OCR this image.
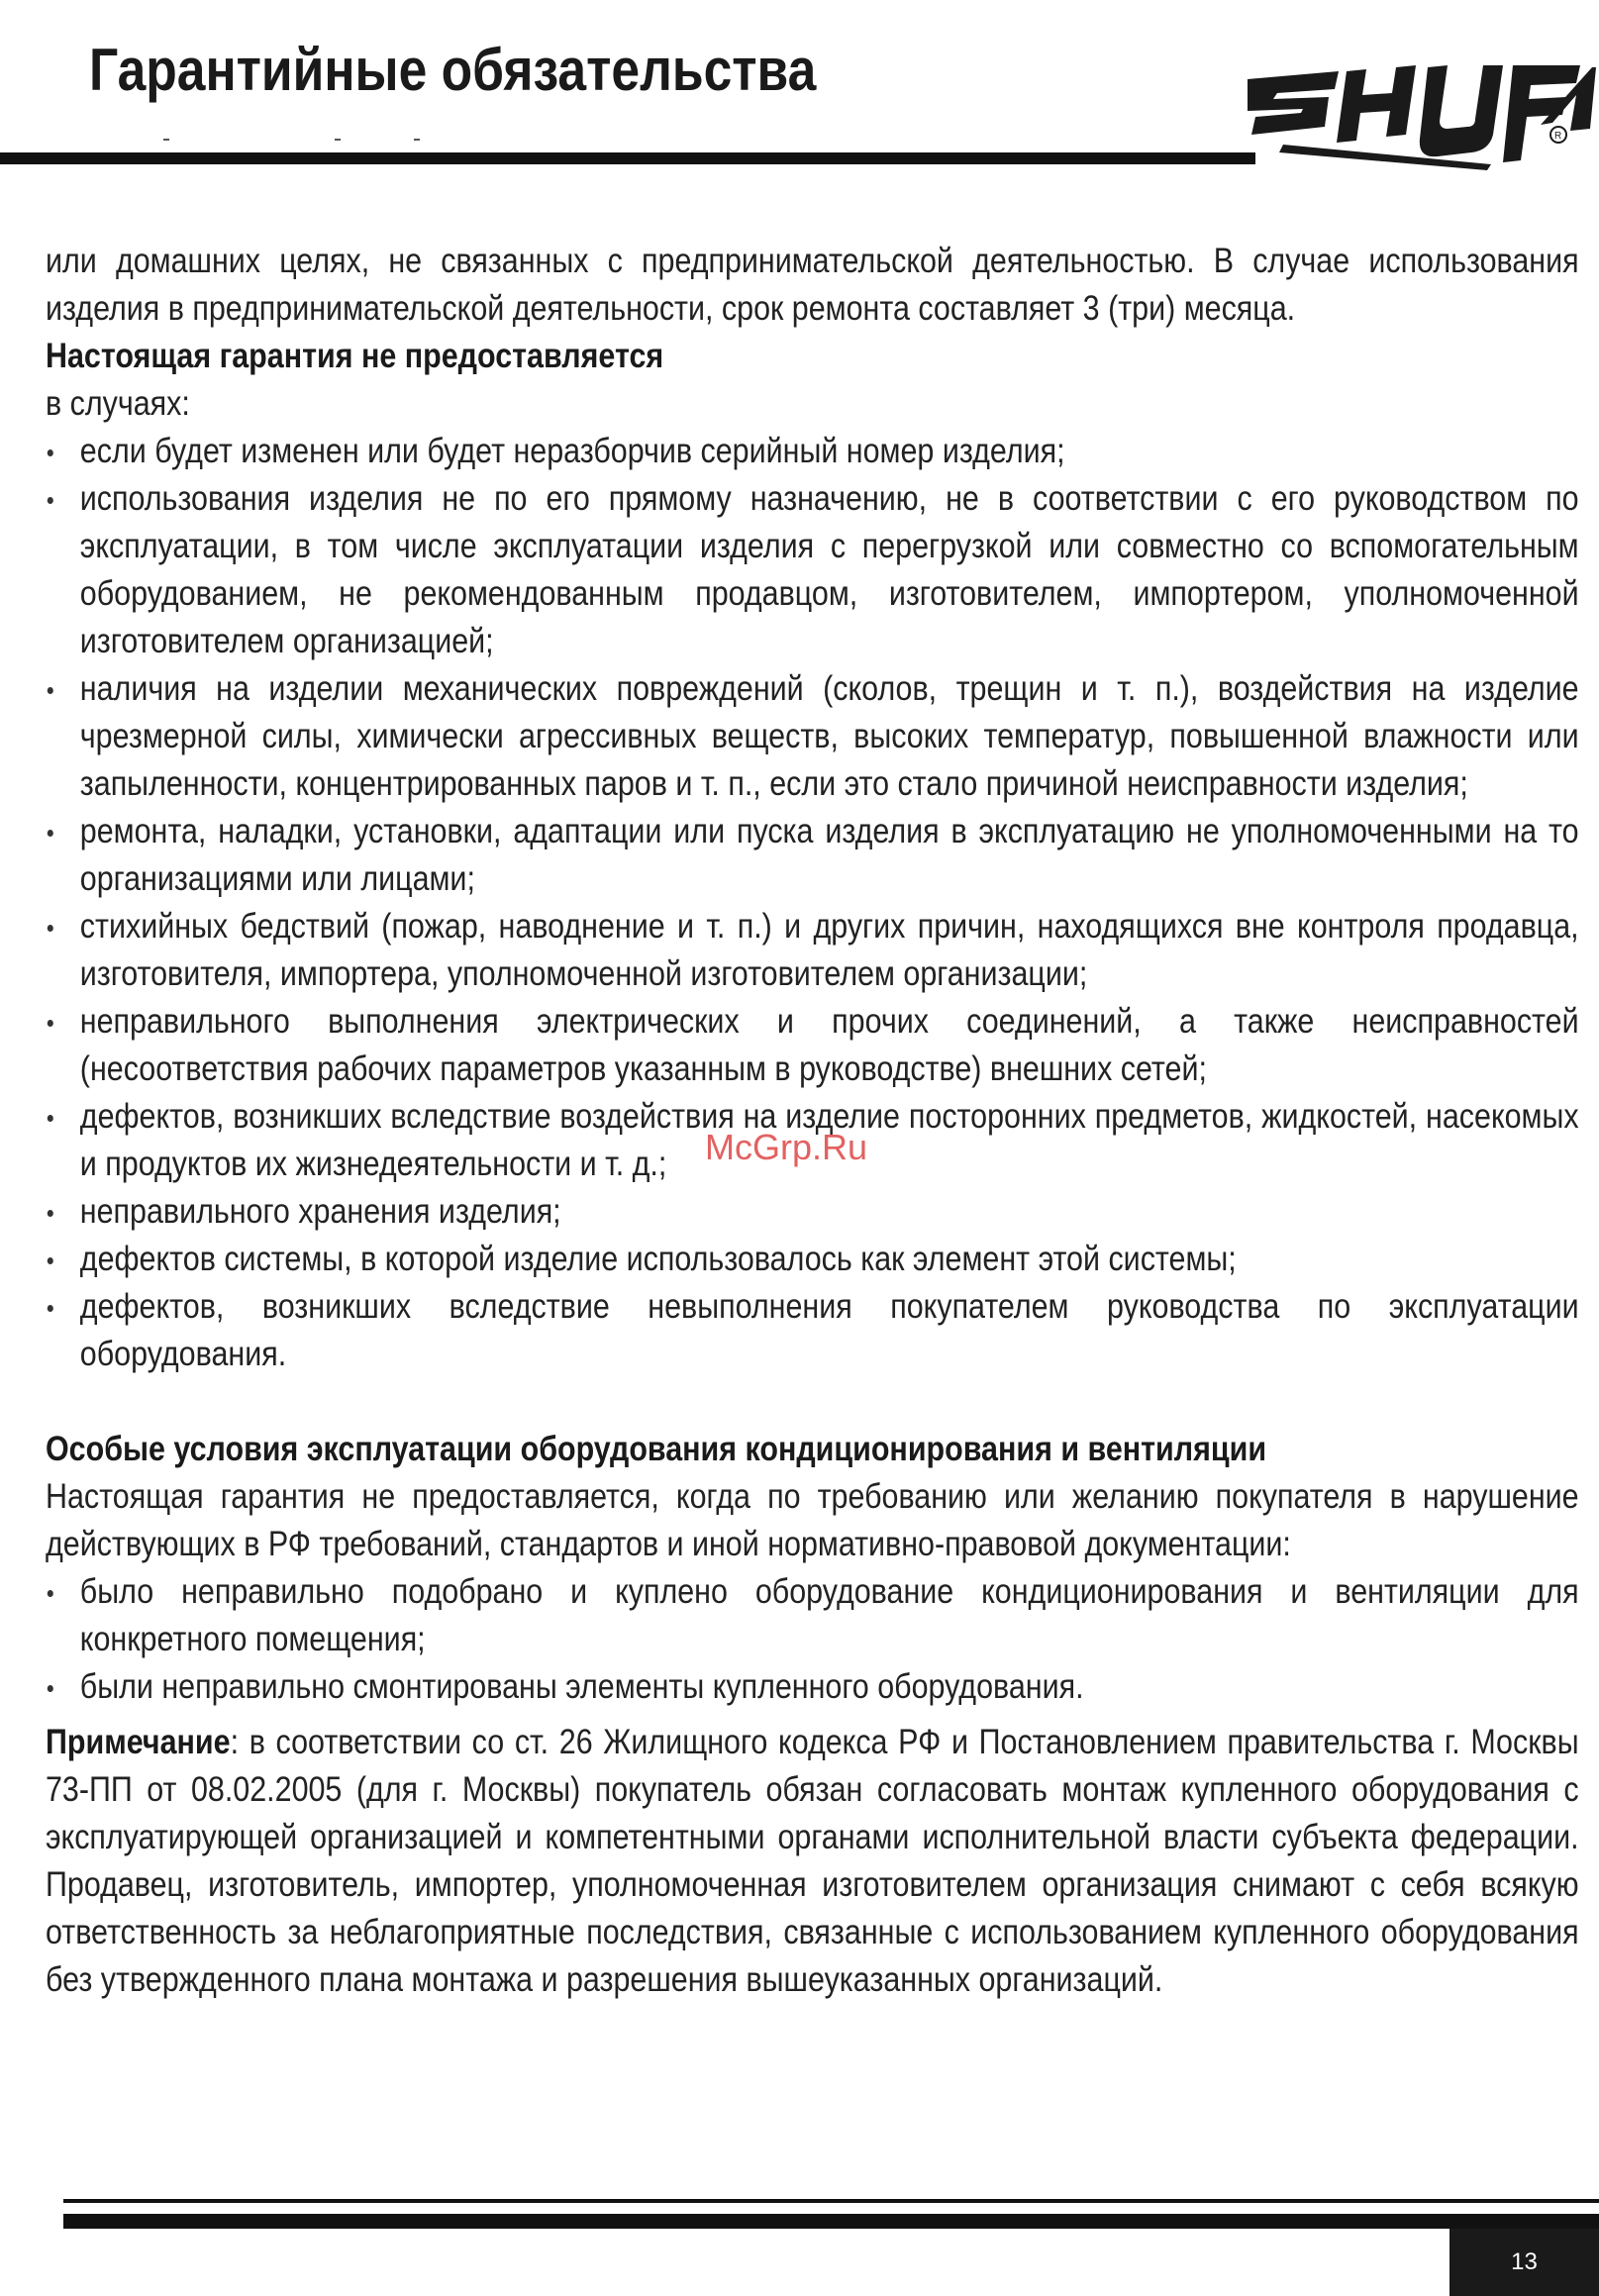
Гарантийные обязательства
R

или домашних целях, не связанных с предпринимательской деятельностью. В случае использования изделия в предпринимательской деятельности, срок ремонта составляет 3 (три) месяца.

Настоящая гарантия не предоставляется

в случаях:

если будет изменен или будет неразборчив серийный номер изделия;
использования изделия не по его прямому назначению, не в соответствии с его руководством по эксплуатации, в том числе эксплуатации изделия с перегрузкой или совместно со вспомогательным оборудованием, не рекомендованным продавцом, изготовителем, импортером, уполномоченной изготовителем организацией;
наличия на изделии механических повреждений (сколов, трещин и т. п.), воздействия на изделие чрезмерной силы, химически агрессивных веществ, высоких температур, повышенной влажности или запыленности, концентрированных паров и т. п., если это стало причиной неисправности изделия;
ремонта, наладки, установки, адаптации или пуска изделия в эксплуатацию не уполномоченными на то организациями или лицами;
стихийных бедствий (пожар, наводнение и т. п.) и других причин, находящихся вне контроля продавца, изготовителя, импортера, уполномоченной изготовителем организации;
неправильного выполнения электрических и прочих соединений, а также неисправностей (несоответствия рабочих параметров указанным в руководстве) внешних сетей;
дефектов, возникших вследствие воздействия на изделие посторонних предметов, жидкостей, насекомых и продуктов их жизнедеятельности и т. д.;
неправильного хранения изделия;
дефектов системы, в которой изделие использовалось как элемент этой системы;
дефектов, возникших вследствие невыполнения покупателем руководства по эксплуатации оборудования.

Особые условия эксплуатации оборудования кондиционирования и вентиляции

Настоящая гарантия не предоставляется, когда по требованию или желанию покупателя в нарушение действующих в РФ требований, стандартов и иной нормативно-правовой документации:

было неправильно подобрано и куплено оборудование кондиционирования и вентиляции для конкретного помещения;
были неправильно смонтированы элементы купленного оборудования.

Примечание: в соответствии со ст. 26 Жилищного кодекса РФ и Постановлением правительства г. Москвы 73-ПП от 08.02.2005 (для г. Москвы) покупатель обязан согласовать монтаж купленного оборудования с эксплуатирующей организацией и компетентными органами исполнительной власти субъекта федерации. Продавец, изготовитель, импортер, уполномоченная изготовителем организация снимают с себя всякую ответственность за неблагоприятные последствия, связанные с использованием купленного оборудования без утвержденного плана монтажа и разрешения вышеуказанных организаций.

McGrp.Ru
13
